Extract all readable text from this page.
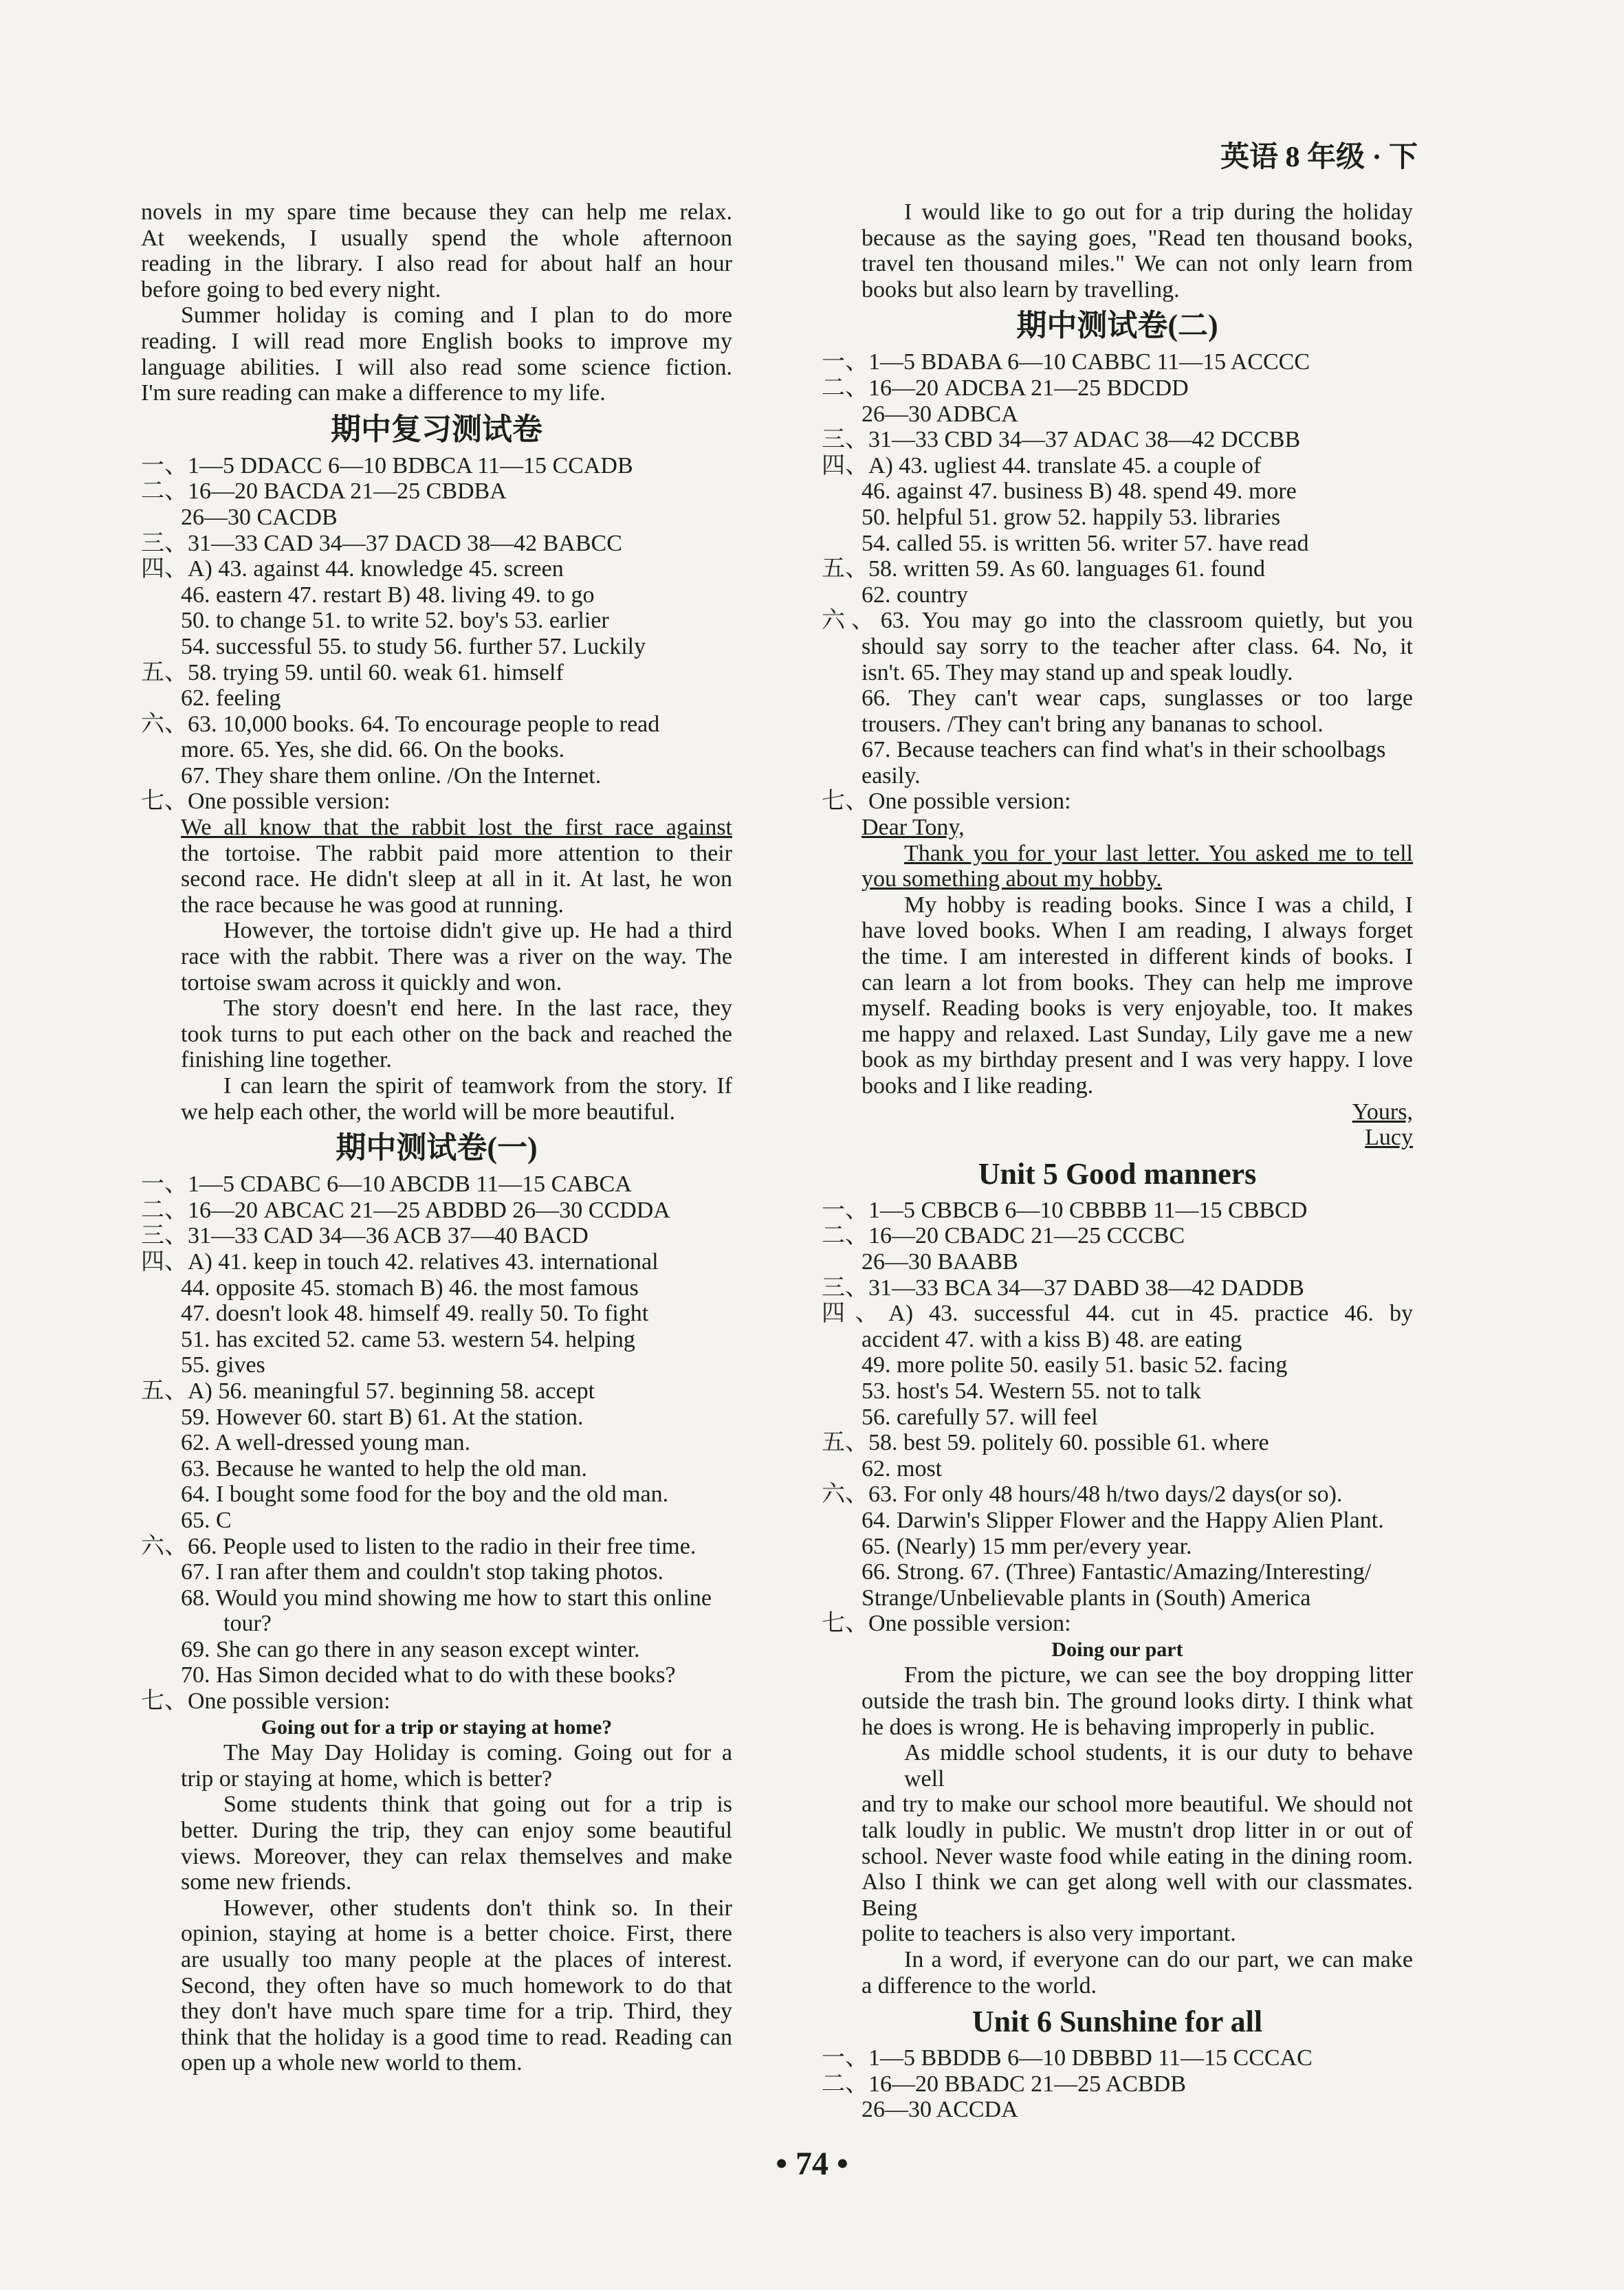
英语 8 年级 · 下
novels in my spare time because they can help me relax.
At weekends, I usually spend the whole afternoon
reading in the library. I also read for about half an hour
before going to bed every night.
Summer holiday is coming and I plan to do more
reading. I will read more English books to improve my
language abilities. I will also read some science fiction.
I'm sure reading can make a difference to my life.
期中复习测试卷
一、1—5 DDACC 6—10 BDBCA 11—15 CCADB
二、16—20 BACDA 21—25 CBDBA
26—30 CACDB
三、31—33 CAD 34—37 DACD 38—42 BABCC
四、A) 43. against 44. knowledge 45. screen
46. eastern 47. restart B) 48. living 49. to go
50. to change 51. to write 52. boy's 53. earlier
54. successful 55. to study 56. further 57. Luckily
五、58. trying 59. until 60. weak 61. himself
62. feeling
六、63. 10,000 books. 64. To encourage people to read
more. 65. Yes, she did. 66. On the books.
67. They share them online. /On the Internet.
七、One possible version:
We all know that the rabbit lost the first race against
the tortoise. The rabbit paid more attention to their
second race. He didn't sleep at all in it. At last, he won
the race because he was good at running.
However, the tortoise didn't give up. He had a third
race with the rabbit. There was a river on the way. The
tortoise swam across it quickly and won.
The story doesn't end here. In the last race, they
took turns to put each other on the back and reached the
finishing line together.
I can learn the spirit of teamwork from the story. If
we help each other, the world will be more beautiful.
期中测试卷(一)
一、1—5 CDABC 6—10 ABCDB 11—15 CABCA
二、16—20 ABCAC 21—25 ABDBD 26—30 CCDDA
三、31—33 CAD 34—36 ACB 37—40 BACD
四、A) 41. keep in touch 42. relatives 43. international
44. opposite 45. stomach B) 46. the most famous
47. doesn't look 48. himself 49. really 50. To fight
51. has excited 52. came 53. western 54. helping
55. gives
五、A) 56. meaningful 57. beginning 58. accept
59. However 60. start B) 61. At the station.
62. A well-dressed young man.
63. Because he wanted to help the old man.
64. I bought some food for the boy and the old man.
65. C
六、66. People used to listen to the radio in their free time.
67. I ran after them and couldn't stop taking photos.
68. Would you mind showing me how to start this online
tour?
69. She can go there in any season except winter.
70. Has Simon decided what to do with these books?
七、One possible version:
Going out for a trip or staying at home?
The May Day Holiday is coming. Going out for a
trip or staying at home, which is better?
Some students think that going out for a trip is
better. During the trip, they can enjoy some beautiful
views. Moreover, they can relax themselves and make
some new friends.
However, other students don't think so. In their
opinion, staying at home is a better choice. First, there
are usually too many people at the places of interest.
Second, they often have so much homework to do that
they don't have much spare time for a trip. Third, they
think that the holiday is a good time to read. Reading can
open up a whole new world to them.
I would like to go out for a trip during the holiday
because as the saying goes, "Read ten thousand books,
travel ten thousand miles." We can not only learn from
books but also learn by travelling.
期中测试卷(二)
一、1—5 BDABA 6—10 CABBC 11—15 ACCCC
二、16—20 ADCBA 21—25 BDCDD
26—30 ADBCA
三、31—33 CBD 34—37 ADAC 38—42 DCCBB
四、A) 43. ugliest 44. translate 45. a couple of
46. against 47. business B) 48. spend 49. more
50. helpful 51. grow 52. happily 53. libraries
54. called 55. is written 56. writer 57. have read
五、58. written 59. As 60. languages 61. found
62. country
六、63. You may go into the classroom quietly, but you
should say sorry to the teacher after class. 64. No, it
isn't. 65. They may stand up and speak loudly.
66. They can't wear caps, sunglasses or too large
trousers. /They can't bring any bananas to school.
67. Because teachers can find what's in their schoolbags
easily.
七、One possible version:
Dear Tony,
Thank you for your last letter. You asked me to tell
you something about my hobby.
My hobby is reading books. Since I was a child, I
have loved books. When I am reading, I always forget
the time. I am interested in different kinds of books. I
can learn a lot from books. They can help me improve
myself. Reading books is very enjoyable, too. It makes
me happy and relaxed. Last Sunday, Lily gave me a new
book as my birthday present and I was very happy. I love
books and I like reading.
Yours,
Lucy
Unit 5 Good manners
一、1—5 CBBCB 6—10 CBBBB 11—15 CBBCD
二、16—20 CBADC 21—25 CCCBC
26—30 BAABB
三、31—33 BCA 34—37 DABD 38—42 DADDB
四、A) 43. successful 44. cut in 45. practice 46. by
accident 47. with a kiss B) 48. are eating
49. more polite 50. easily 51. basic 52. facing
53. host's 54. Western 55. not to talk
56. carefully 57. will feel
五、58. best 59. politely 60. possible 61. where
62. most
六、63. For only 48 hours/48 h/two days/2 days(or so).
64. Darwin's Slipper Flower and the Happy Alien Plant.
65. (Nearly) 15 mm per/every year.
66. Strong. 67. (Three) Fantastic/Amazing/Interesting/
Strange/Unbelievable plants in (South) America
七、One possible version:
Doing our part
From the picture, we can see the boy dropping litter
outside the trash bin. The ground looks dirty. I think what
he does is wrong. He is behaving improperly in public.
As middle school students, it is our duty to behave well
and try to make our school more beautiful. We should not
talk loudly in public. We mustn't drop litter in or out of
school. Never waste food while eating in the dining room.
Also I think we can get along well with our classmates. Being
polite to teachers is also very important.
In a word, if everyone can do our part, we can make
a difference to the world.
Unit 6 Sunshine for all
一、1—5 BBDDB 6—10 DBBBD 11—15 CCCAC
二、16—20 BBADC 21—25 ACBDB
26—30 ACCDA
• 74 •
